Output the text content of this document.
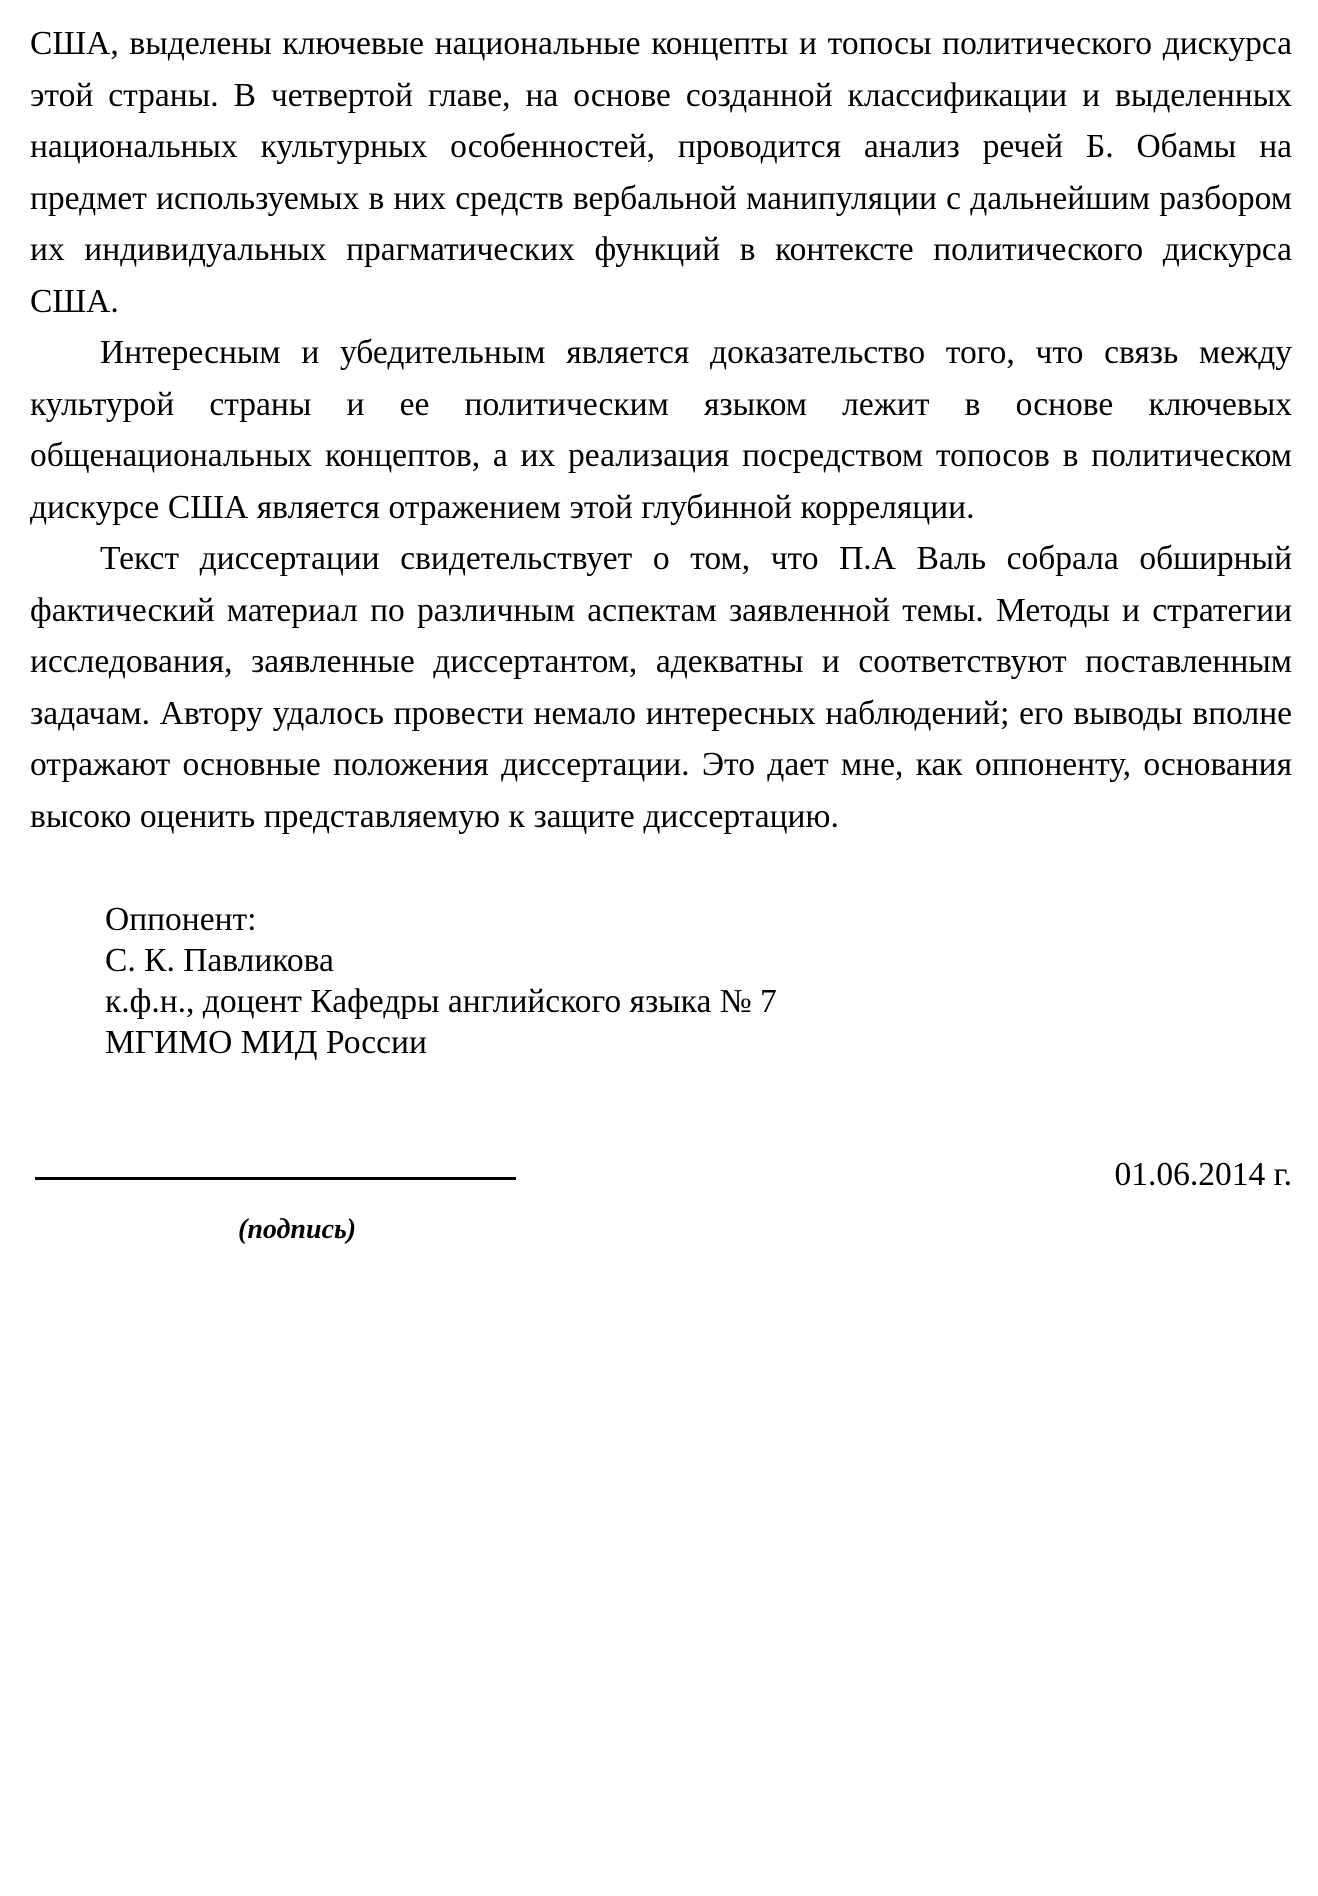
США, выделены ключевые национальные концепты и топосы политического дискурса этой страны. В четвертой главе, на основе созданной классификации и выделенных национальных культурных особенностей, проводится анализ речей Б. Обамы на предмет используемых в них средств вербальной манипуляции с дальнейшим разбором их индивидуальных прагматических функций в контексте политического дискурса США.

Интересным и убедительным является доказательство того, что связь между культурой страны и ее политическим языком лежит в основе ключевых общенациональных концептов, а их реализация посредством топосов в политическом дискурсе США является отражением этой глубинной корреляции.

Текст диссертации свидетельствует о том, что П.А Валь собрала обширный фактический материал по различным аспектам заявленной темы. Методы и стратегии исследования, заявленные диссертантом, адекватны и соответствуют поставленным задачам. Автору удалось провести немало интересных наблюдений; его выводы вполне отражают основные положения диссертации. Это дает мне, как оппоненту, основания высоко оценить представляемую к защите диссертацию.

Оппонент:
С. К. Павликова
к.ф.н., доцент Кафедры английского языка № 7
МГИМО МИД России
01.06.2014 г.
(подпись)
